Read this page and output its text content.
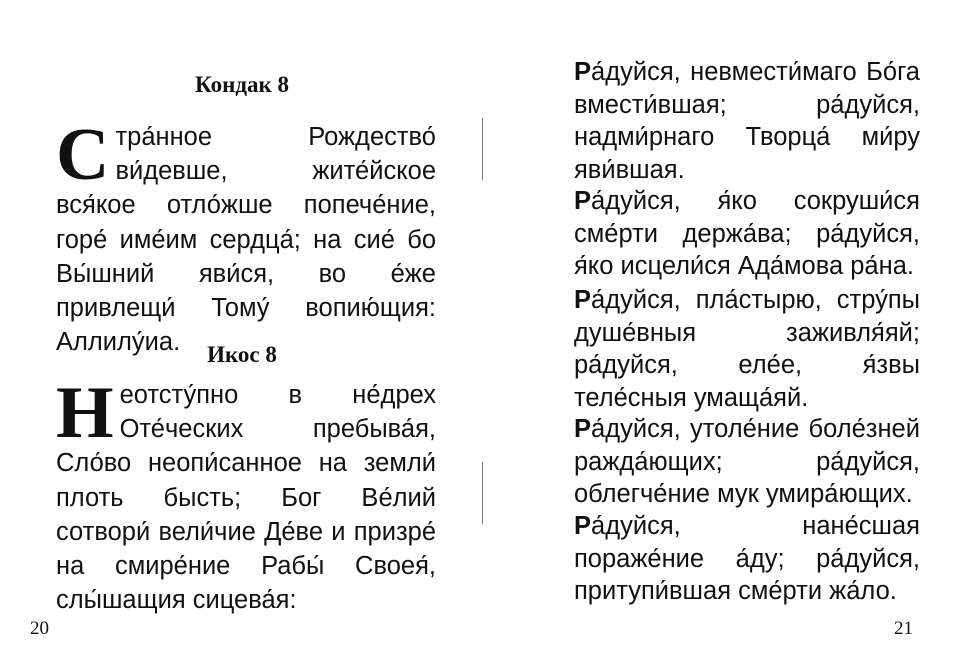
Кондак 8
С тра́нное Рождество́ ви́девше, жите́йское вся́кое отло́жше попече́ние, горе́ име́им сердца́; на сие́ бо Вы́шний яви́ся, во е́же привлещи́ Тому́ вопию́щия: Аллилу́иа.	Икос 8
Н еотсту́пно в не́дрех Оте́ческих пребыва́я, Сло́во неопи́санное на земли́ плоть бысть; Бог Ве́лий сотвори́ вели́чие Де́ве и призре́ на смире́ние Рабы́ Своея́, слы́шащия сицева́я:
20
Ра́дуйся, невмести́маго Бо́га вмести́вшая; ра́дуйся, надми́рнаго Творца́ ми́ру яви́вшая.
Ра́дуйся, я́ко сокруши́ся сме́рти держа́ва; ра́дуйся, я́ко исцели́ся Ада́мова ра́на.
Ра́дуйся, пла́стырю, стру́пы душе́вныя заживля́яй; ра́дуйся, еле́е, я́звы теле́сныя умаща́яй.
Ра́дуйся, утоле́ние боле́зней ражда́ющих; ра́дуйся, облегче́ние мук умира́ющих.
Ра́дуйся, нане́сшая пораже́ние а́ду; ра́дуйся, притупи́вшая сме́рти жа́ло.
21
